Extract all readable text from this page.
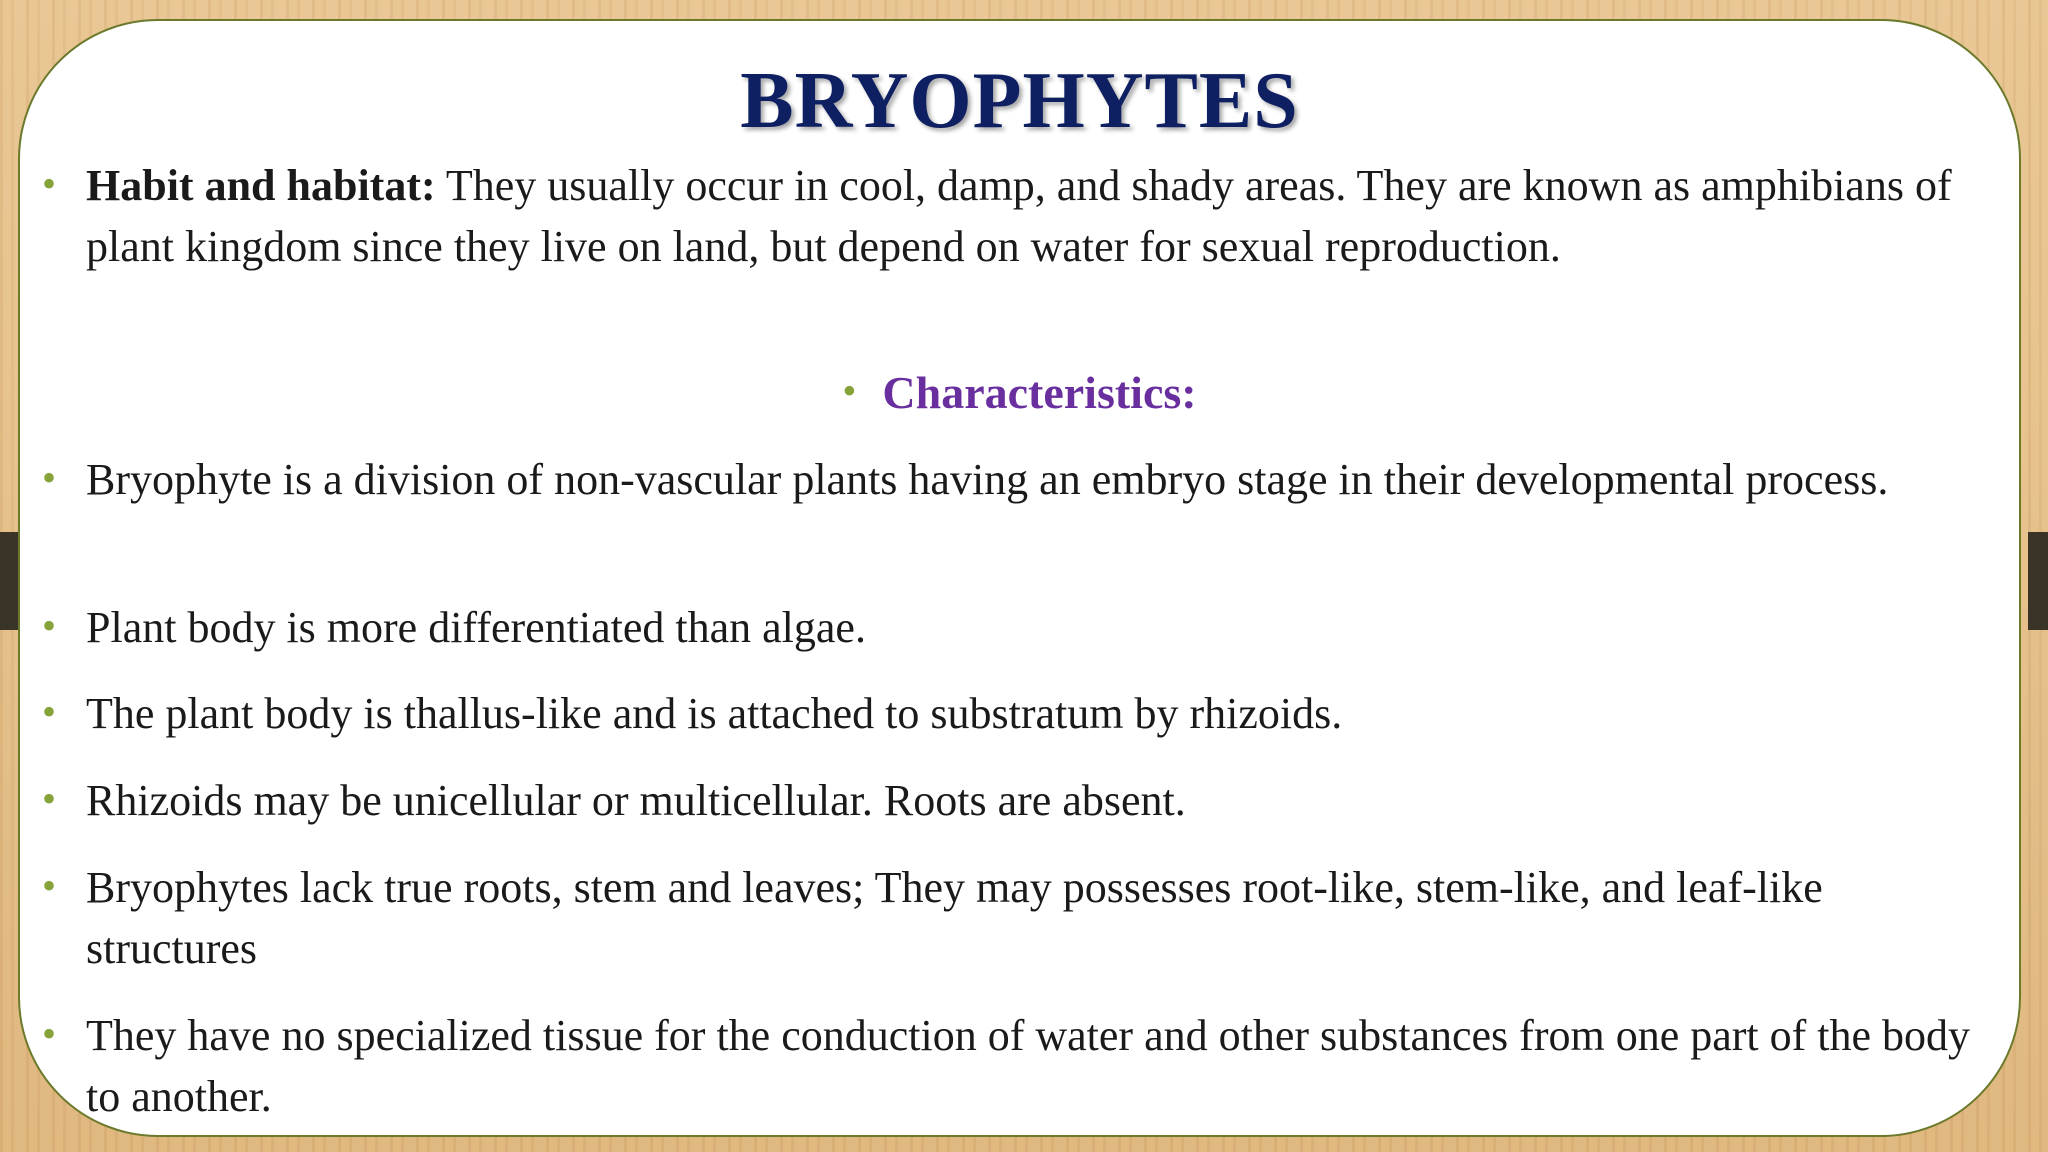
BRYOPHYTES
• Habit and habitat: They usually occur in cool, damp, and shady areas. They are known as amphibians of plant kingdom since they live on land, but depend on water for sexual reproduction.
• Characteristics:
• Bryophyte is a division of non-vascular plants having an embryo stage in their developmental process.
• Plant body is more differentiated than algae.
• The plant body is thallus-like and is attached to substratum by rhizoids.
• Rhizoids may be unicellular or multicellular. Roots are absent.
• Bryophytes lack true roots, stem and leaves; They may possesses root-like, stem-like, and leaf-like structures
• They have no specialized tissue for the conduction of water and other substances from one part of the body to another.
